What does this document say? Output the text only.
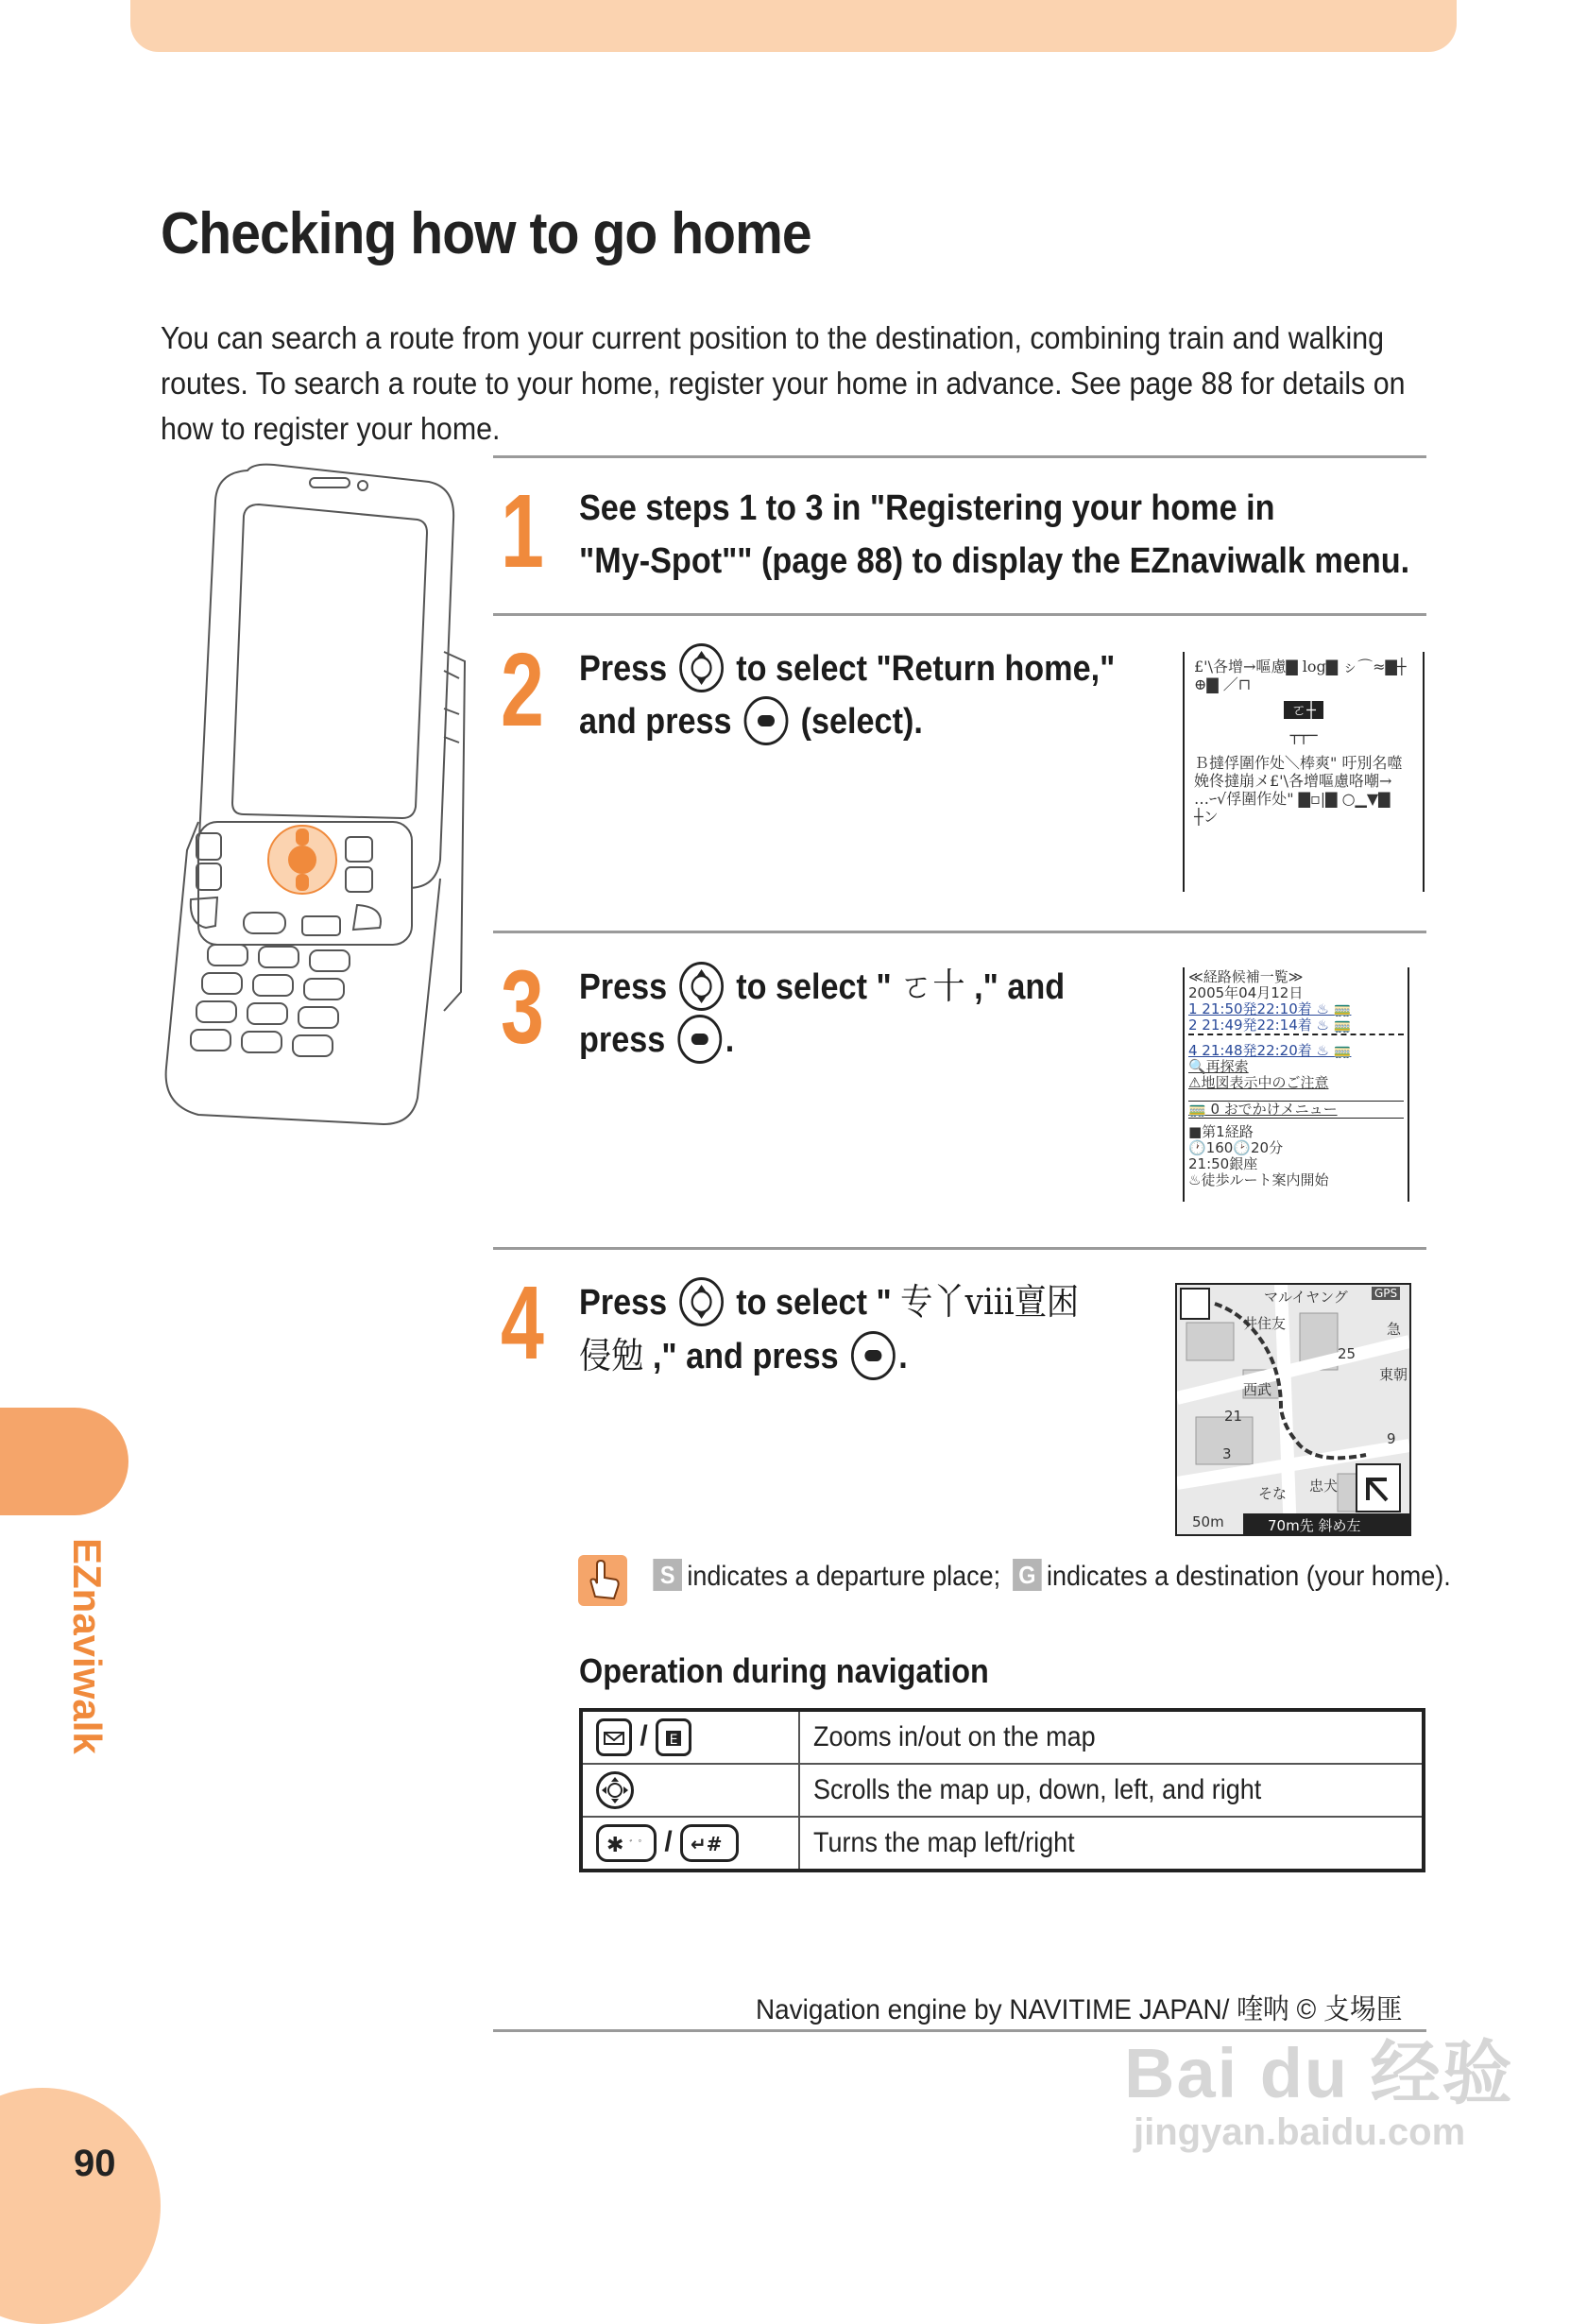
Checking how to go home

You can search a route from your current position to the destination, combining train and walking routes. To search a route to your home, register your home in advance. See page 88 for details on how to register your home.

1 See steps 1 to 3 in "Registering your home in
"My-Spot"" (page 88) to display the EZnaviwalk menu.
2 Press to select "Return home,"
and press (select).
£'\各增→嘔慮▇ log▇ ㇱ⌒≈▇┼
⊕▇ ／⊓
ㄛ┼
┬┬─
Ｂ撻俘圍作处＼棒爽" 吁別名噬
娩佟撻崩メ£'\各增嘔慮咯嘲→
…ｰ√俘圍作处" ▇▫|▇ ○▁▼▇
┼ン
3 Press to select " ㄛ十 ," and
press .
≪経路候補一覧≫
2005年04月12日
1 21:50発22:10着 ♨ 🚃
2 21:49発22:14着 ♨ 🚃
4 21:48発22:20着 ♨ 🚃
🔍再探索
⚠地図表示中のご注意
🚃 0 おでかけメニュー
■第1経路
🕐160🕑20分
21:50銀座
♨徒歩ルート案内開始
4 Press to select " 专丫ⅷ亶困
侵勉 ," and press .
マルイヤング GPS
井住友	急
25
東朝
西武
21
9
3
そな 忠犬
50m	70m先 斜め左
S indicates a departure place; G indicates a destination (your home).
Operation during navigation
/ E	Zooms in/out on the map
	Scrolls the map up, down, left, and right

✱ ゛゜ / ↵#	Turns the map left/right
Navigation engine by NAVITIME JAPAN/ 喹呐 © 攴埸匪
EZnaviwalk
90
Bai du 经验
jingyan.baidu.com
